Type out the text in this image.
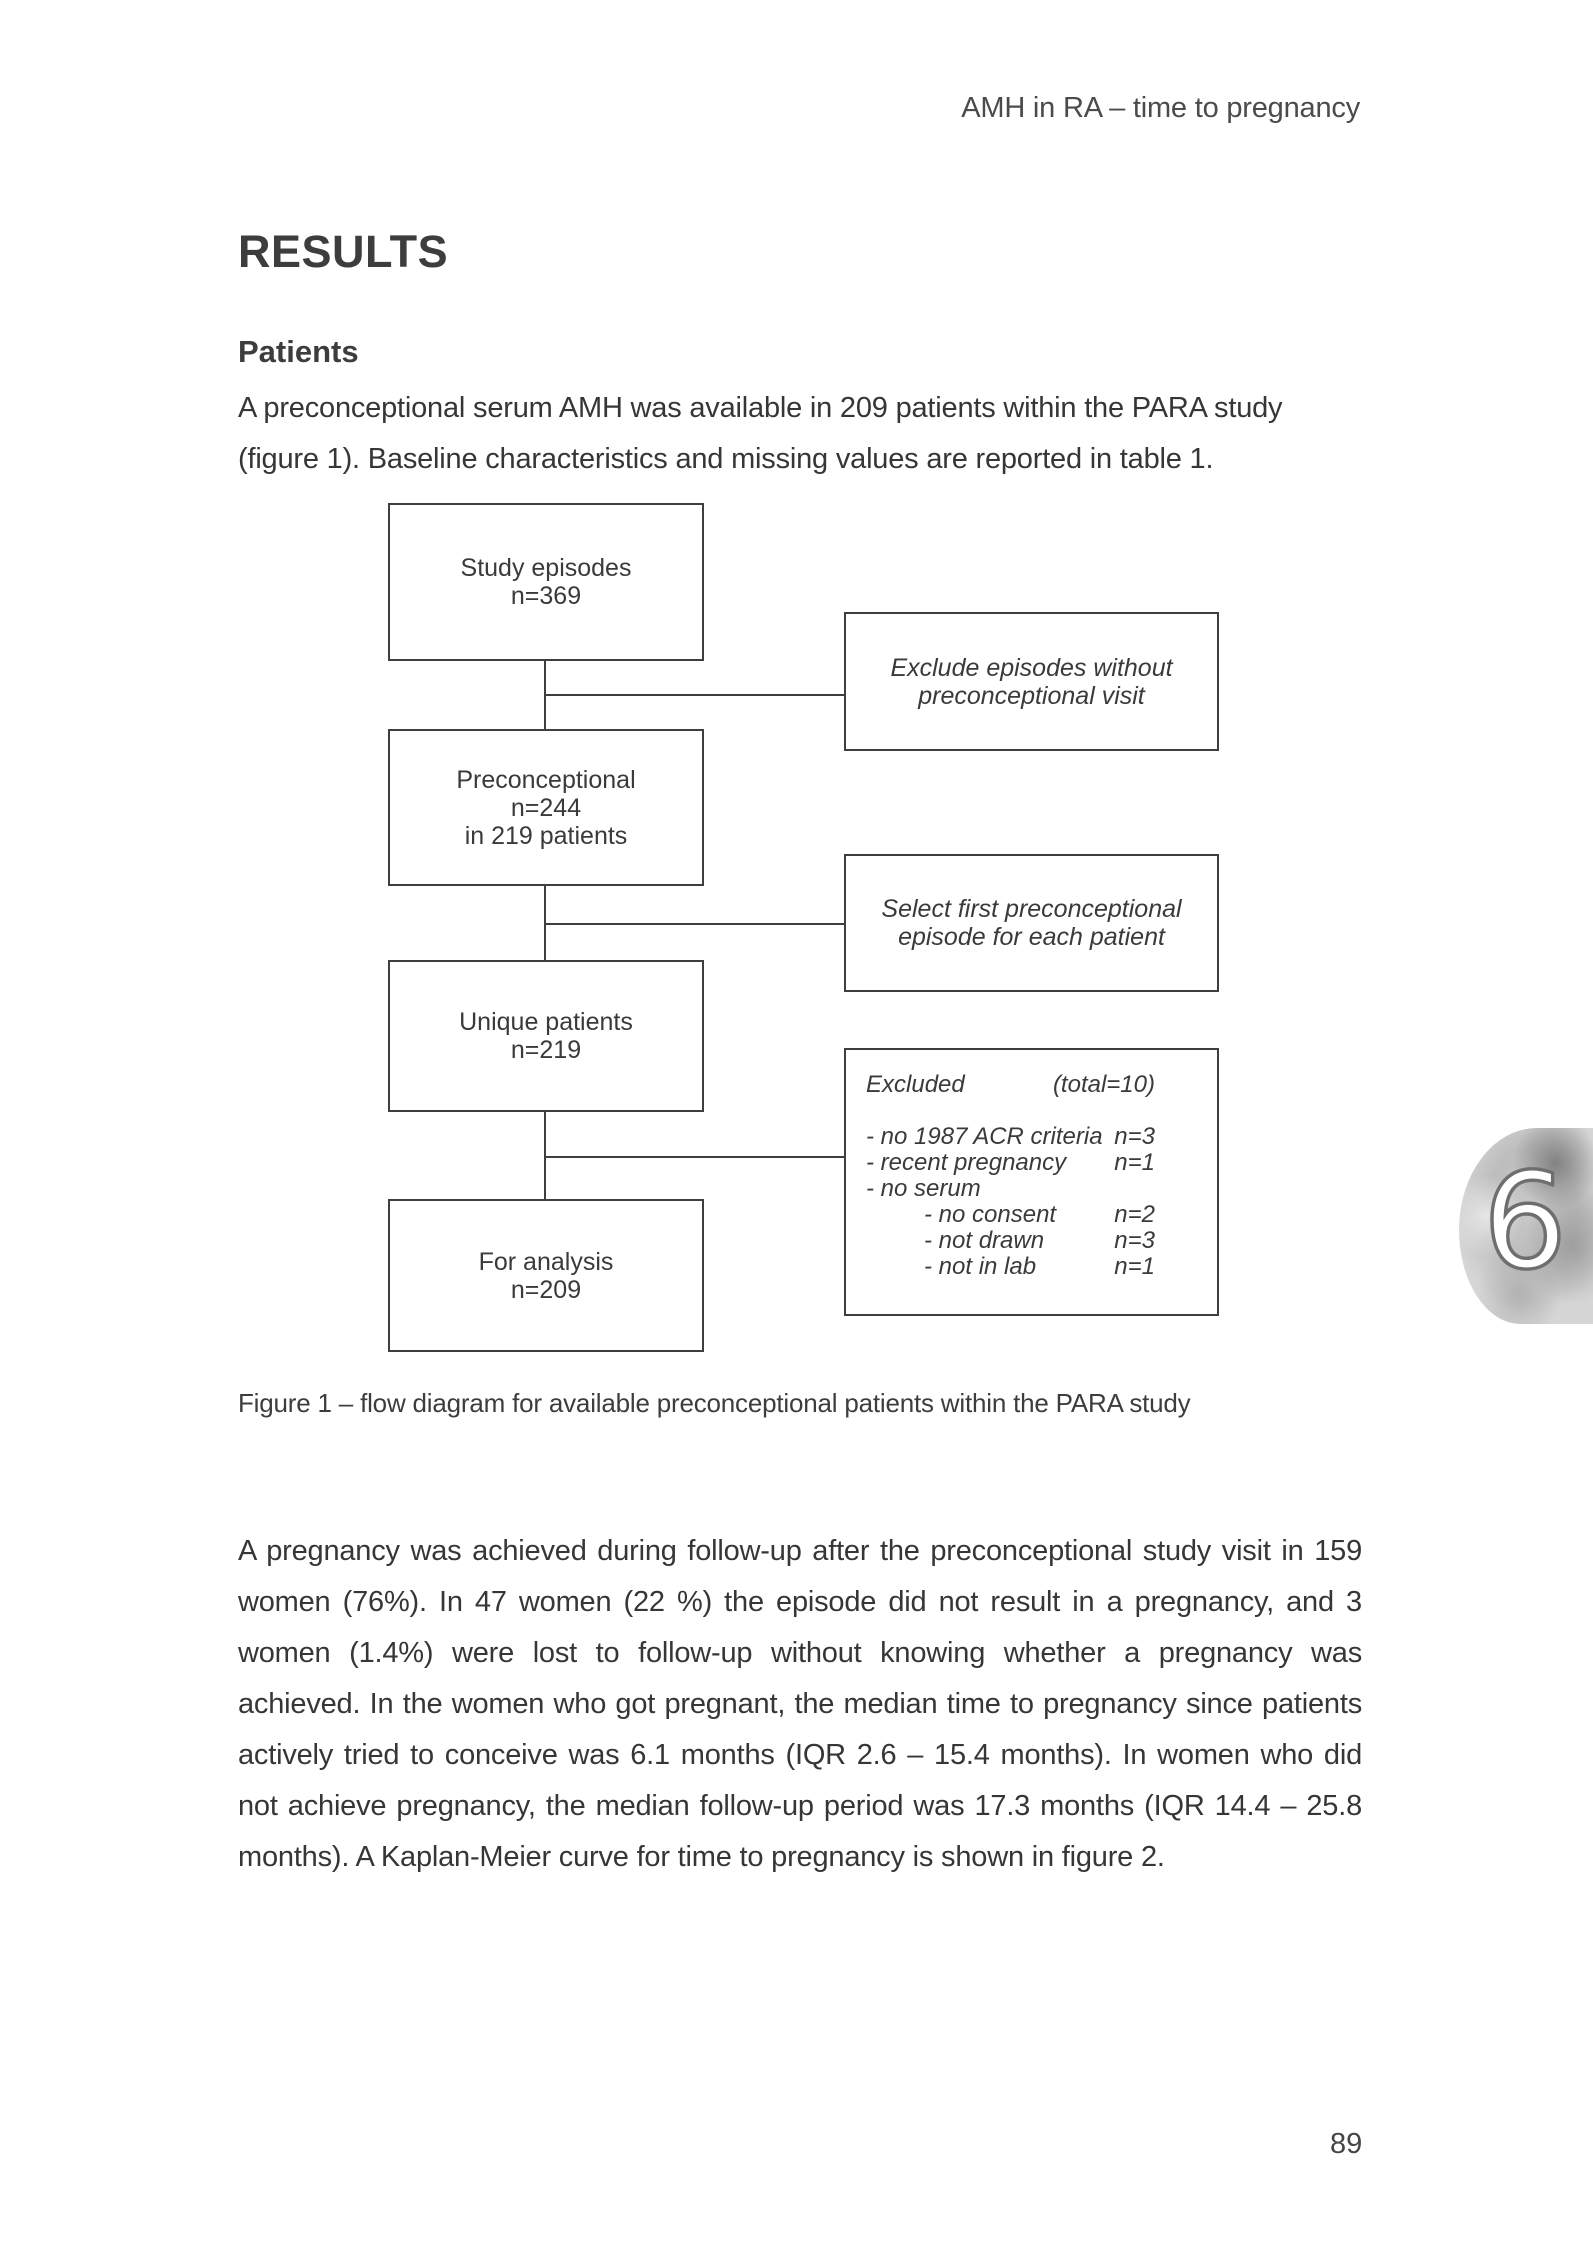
AMH in RA – time to pregnancy
RESULTS
Patients

A preconceptional serum AMH was available in 209 patients within the PARA study (figure 1). Baseline characteristics and missing values are reported in table 1.

Study episodes
n=369
Preconceptional
n=244
in 219 patients
Unique patients
n=219
For analysis
n=209
Exclude episodes without
preconceptional visit
Select first preconceptional
episode for each patient
Excluded	(total=10)
- no 1987 ACR criteria n=3
- recent pregnancy n=1
- no serum
- no consent n=2
- not drawn	n=3
- not in lab	n=1
Figure 1 – flow diagram for available preconceptional patients within the PARA study

A pregnancy was achieved during follow-up after the preconceptional study visit in 159 women (76%). In 47 women (22 %) the episode did not result in a pregnancy, and 3 women (1.4%) were lost to follow-up without knowing whether a pregnancy was achieved. In the women who got pregnant, the median time to pregnancy since patients actively tried to conceive was 6.1 months (IQR 2.6 – 15.4 months). In women who did not achieve pregnancy, the median follow-up period was 17.3 months (IQR 14.4 – 25.8 months). A Kaplan-Meier curve for time to pregnancy is shown in figure 2.

6
89
